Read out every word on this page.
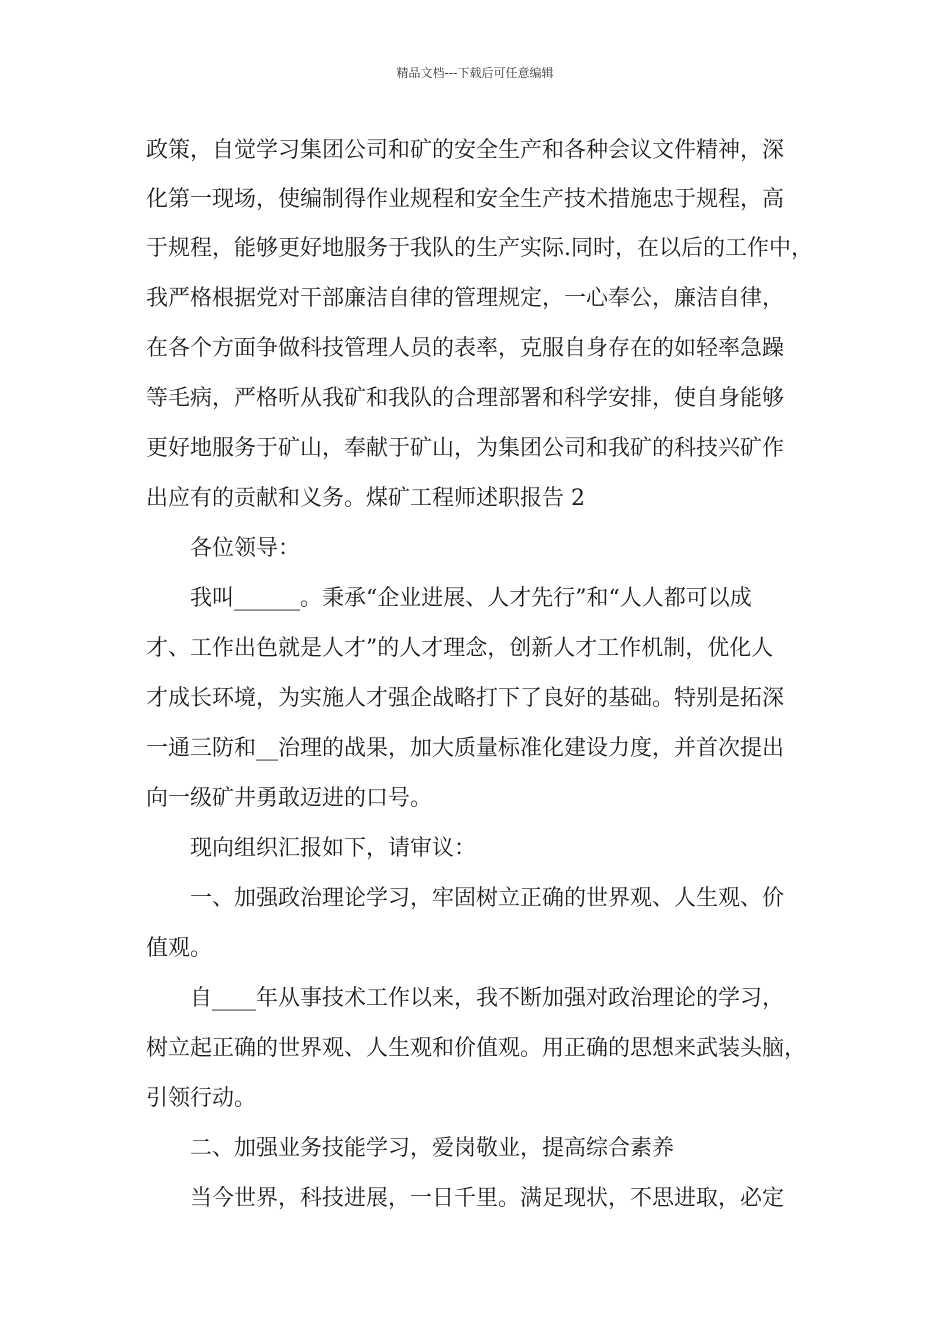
精品文档---下载后可任意编辑
政策，自觉学习集团公司和矿的安全生产和各种会议文件精神，深
化第一现场，使编制得作业规程和安全生产技术措施忠于规程，高
于规程，能够更好地服务于我队的生产实际.同时，在以后的工作中，
我严格根据党对干部廉洁自律的管理规定，一心奉公，廉洁自律，
在各个方面争做科技管理人员的表率，克服自身存在的如轻率急躁
等毛病，严格听从我矿和我队的合理部署和科学安排，使自身能够
更好地服务于矿山，奉献于矿山，为集团公司和我矿的科技兴矿作
出应有的贡献和义务。煤矿工程师述职报告 2
各位领导：
我叫______。秉承“企业进展、人才先行”和“人人都可以成
才、工作出色就是人才”的人才理念，创新人才工作机制，优化人
才成长环境，为实施人才强企战略打下了良好的基础。特别是拓深
一通三防和__治理的战果，加大质量标准化建设力度，并首次提出
向一级矿井勇敢迈进的口号。
现向组织汇报如下，请审议：
一、加强政治理论学习，牢固树立正确的世界观、人生观、价
值观。
自____年从事技术工作以来，我不断加强对政治理论的学习，
树立起正确的世界观、人生观和价值观。用正确的思想来武装头脑，
引领行动。
二、加强业务技能学习，爱岗敬业，提高综合素养
当今世界，科技进展，一日千里。满足现状，不思进取，必定
